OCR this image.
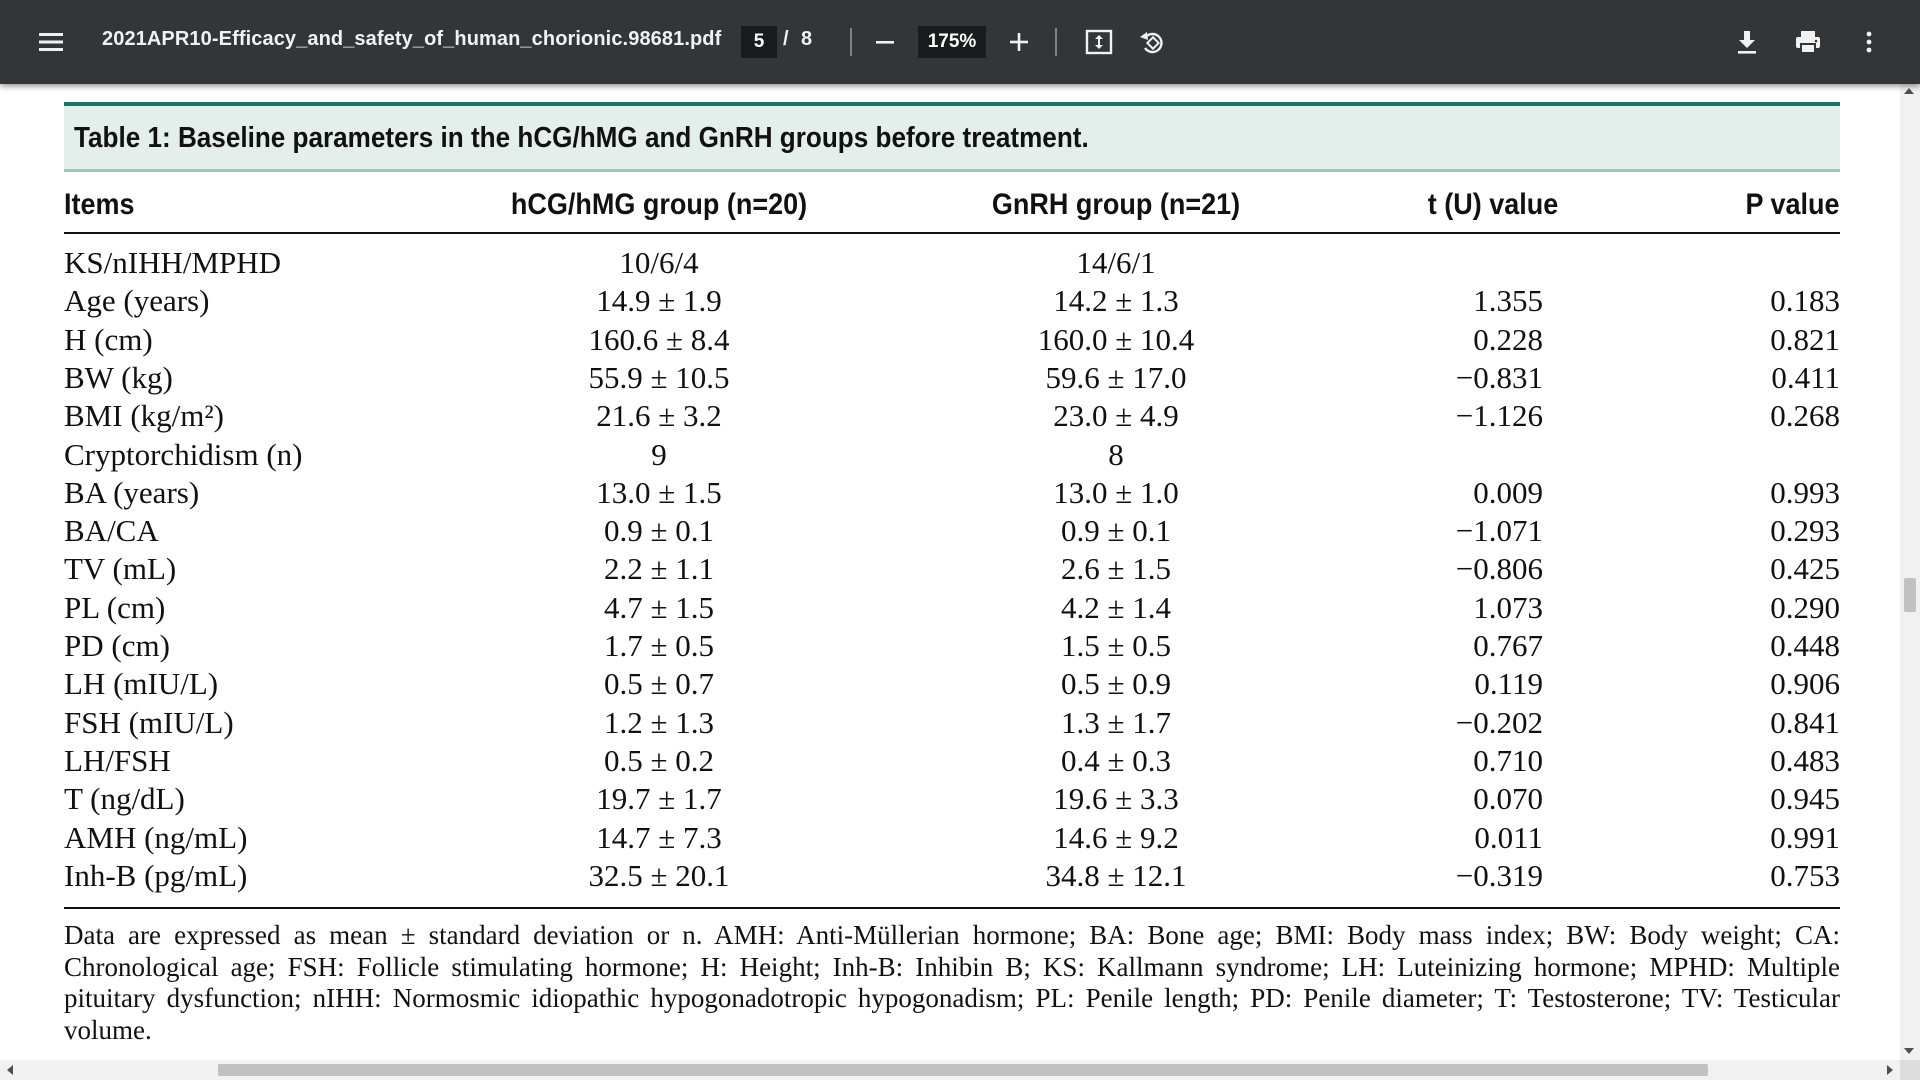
2021APR10-Efficacy_and_safety_of_human_chorionic.98681.pdf	5 / 8	175%
Table 1: Baseline parameters in the hCG/hMG and GnRH groups before treatment.
Items	hCG/hMG group (n=20)	GnRH group (n=21)	t (U) value	P value
KS/nIHH/MPHD	10/6/4	14/6/1
Age (years)	14.9 ± 1.9	14.2 ± 1.3	1.355	0.183
H (cm)	160.6 ± 8.4	160.0 ± 10.4	0.228	0.821
BW (kg)	55.9 ± 10.5	59.6 ± 17.0	−0.831	0.411
BMI (kg/m²)	21.6 ± 3.2	23.0 ± 4.9	−1.126	0.268
Cryptorchidism (n)	9	8
BA (years)	13.0 ± 1.5	13.0 ± 1.0	0.009	0.993
BA/CA	0.9 ± 0.1	0.9 ± 0.1	−1.071	0.293
TV (mL)	2.2 ± 1.1	2.6 ± 1.5	−0.806	0.425
PL (cm)	4.7 ± 1.5	4.2 ± 1.4	1.073	0.290
PD (cm)	1.7 ± 0.5	1.5 ± 0.5	0.767	0.448
LH (mIU/L)	0.5 ± 0.7	0.5 ± 0.9	0.119	0.906
FSH (mIU/L)	1.2 ± 1.3	1.3 ± 1.7	−0.202	0.841
LH/FSH	0.5 ± 0.2	0.4 ± 0.3	0.710	0.483
T (ng/dL)	19.7 ± 1.7	19.6 ± 3.3	0.070	0.945
AMH (ng/mL)	14.7 ± 7.3	14.6 ± 9.2	0.011	0.991
Inh-B (pg/mL)	32.5 ± 20.1	34.8 ± 12.1	−0.319	0.753
Data are expressed as mean ± standard deviation or n. AMH: Anti-Müllerian hormone; BA: Bone age; BMI: Body mass index; BW: Body weight; CA: Chronological age; FSH: Follicle stimulating hormone; H: Height; Inh-B: Inhibin B; KS: Kallmann syndrome; LH: Luteinizing hormone; MPHD: Multiple pituitary dysfunction; nIHH: Normosmic idiopathic hypogonadotropic hypogonadism; PL: Penile length; PD: Penile diameter; T: Testosterone; TV: Testicular volume.
